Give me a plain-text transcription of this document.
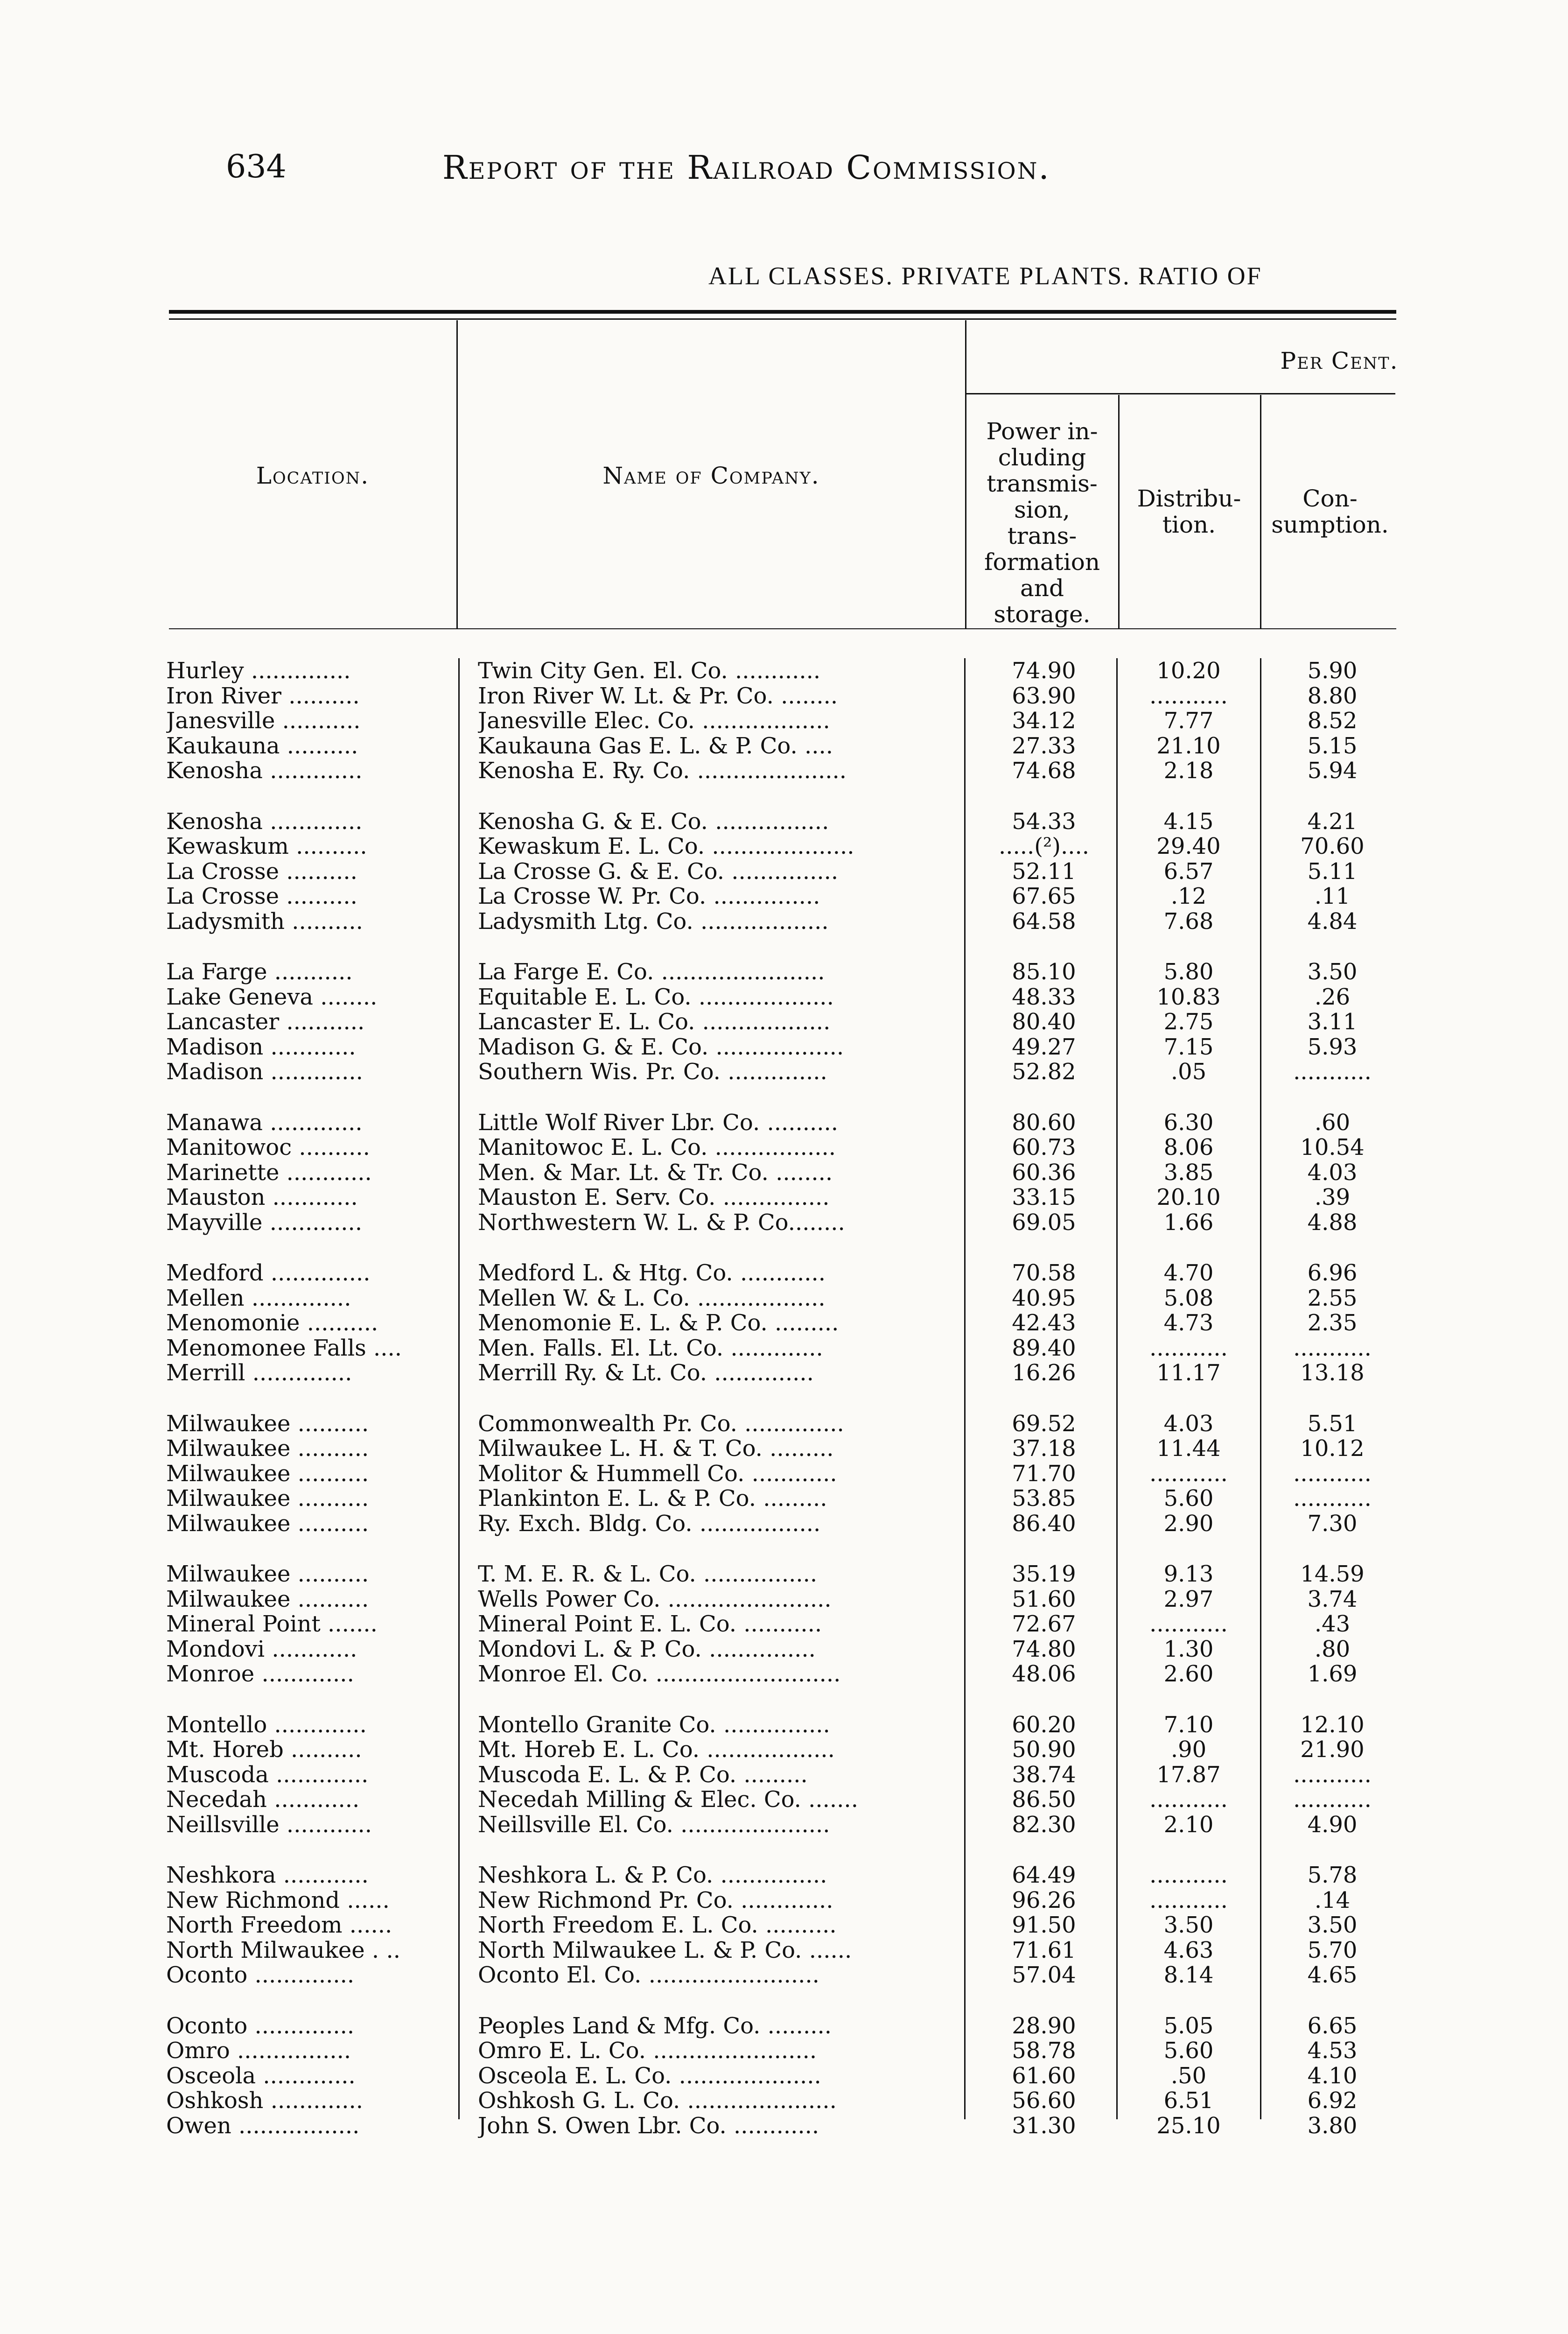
634	Report of the Railroad Commission.
ALL CLASSES. PRIVATE PLANTS. RATIO OF
Per Cent.
Location.	Name of Company.
Power in-
cluding
transmis-
sion,
trans-
formation
and
storage.
Distribu-
tion.
Con-
sumption.
Hurley ..............	Twin City Gen. El. Co. ............	74.90	10.20	5.90
Iron River ..........	Iron River W. Lt. & Pr. Co. ........	63.90	...........	8.80
Janesville ...........	Janesville Elec. Co. ..................	34.12	7.77	8.52
Kaukauna ..........	Kaukauna Gas E. L. & P. Co. ....	27.33	21.10	5.15
Kenosha .............	Kenosha E. Ry. Co. .....................	74.68	2.18	5.94
Kenosha .............	Kenosha G. & E. Co. ................	54.33	4.15	4.21
Kewaskum ..........	Kewaskum E. L. Co. ....................	.....(²)....	29.40	70.60
La Crosse ..........	La Crosse G. & E. Co. ...............	52.11	6.57	5.11
La Crosse ..........	La Crosse W. Pr. Co. ...............	67.65	.12	.11
Ladysmith ..........	Ladysmith Ltg. Co. ..................	64.58	7.68	4.84
La Farge ...........	La Farge E. Co. .......................	85.10	5.80	3.50
Lake Geneva ........	Equitable E. L. Co. ...................	48.33	10.83	.26
Lancaster ...........	Lancaster E. L. Co. ..................	80.40	2.75	3.11
Madison ............	Madison G. & E. Co. ..................	49.27	7.15	5.93
Madison .............	Southern Wis. Pr. Co. ..............	52.82	.05	...........
Manawa .............	Little Wolf River Lbr. Co. ..........	80.60	6.30	.60
Manitowoc ..........	Manitowoc E. L. Co. .................	60.73	8.06	10.54
Marinette ............	Men. & Mar. Lt. & Tr. Co. ........	60.36	3.85	4.03
Mauston ............	Mauston E. Serv. Co. ...............	33.15	20.10	.39
Mayville .............	Northwestern W. L. & P. Co........	69.05	1.66	4.88
Medford ..............	Medford L. & Htg. Co. ............	70.58	4.70	6.96
Mellen ..............	Mellen W. & L. Co. ..................	40.95	5.08	2.55
Menomonie ..........	Menomonie E. L. & P. Co. .........	42.43	4.73	2.35
Menomonee Falls ....	Men. Falls. El. Lt. Co. .............	89.40	...........	...........
Merrill ..............	Merrill Ry. & Lt. Co. ..............	16.26	11.17	13.18
Milwaukee ..........	Commonwealth Pr. Co. ..............	69.52	4.03	5.51
Milwaukee ..........	Milwaukee L. H. & T. Co. .........	37.18	11.44	10.12
Milwaukee ..........	Molitor & Hummell Co. ............	71.70	...........	...........
Milwaukee ..........	Plankinton E. L. & P. Co. .........	53.85	5.60	...........
Milwaukee ..........	Ry. Exch. Bldg. Co. .................	86.40	2.90	7.30
Milwaukee ..........	T. M. E. R. & L. Co. ................	35.19	9.13	14.59
Milwaukee ..........	Wells Power Co. .......................	51.60	2.97	3.74
Mineral Point .......	Mineral Point E. L. Co. ...........	72.67	...........	.43
Mondovi ............	Mondovi L. & P. Co. ...............	74.80	1.30	.80
Monroe .............	Monroe El. Co. ..........................	48.06	2.60	1.69
Montello .............	Montello Granite Co. ...............	60.20	7.10	12.10
Mt. Horeb ..........	Mt. Horeb E. L. Co. ..................	50.90	.90	21.90
Muscoda .............	Muscoda E. L. & P. Co. .........	38.74	17.87	...........
Necedah ............	Necedah Milling & Elec. Co. .......	86.50	...........	...........
Neillsville ............	Neillsville El. Co. .....................	82.30	2.10	4.90
Neshkora ............	Neshkora L. & P. Co. ...............	64.49	...........	5.78
New Richmond ......	New Richmond Pr. Co. .............	96.26	...........	.14
North Freedom ......	North Freedom E. L. Co. ..........	91.50	3.50	3.50
North Milwaukee . ..	North Milwaukee L. & P. Co. ......	71.61	4.63	5.70
Oconto ..............	Oconto El. Co. ........................	57.04	8.14	4.65
Oconto ..............	Peoples Land & Mfg. Co. .........	28.90	5.05	6.65
Omro ................	Omro E. L. Co. .......................	58.78	5.60	4.53
Osceola .............	Osceola E. L. Co. ....................	61.60	.50	4.10
Oshkosh .............	Oshkosh G. L. Co. .....................	56.60	6.51	6.92
Owen .................	John S. Owen Lbr. Co. ............	31.30	25.10	3.80
